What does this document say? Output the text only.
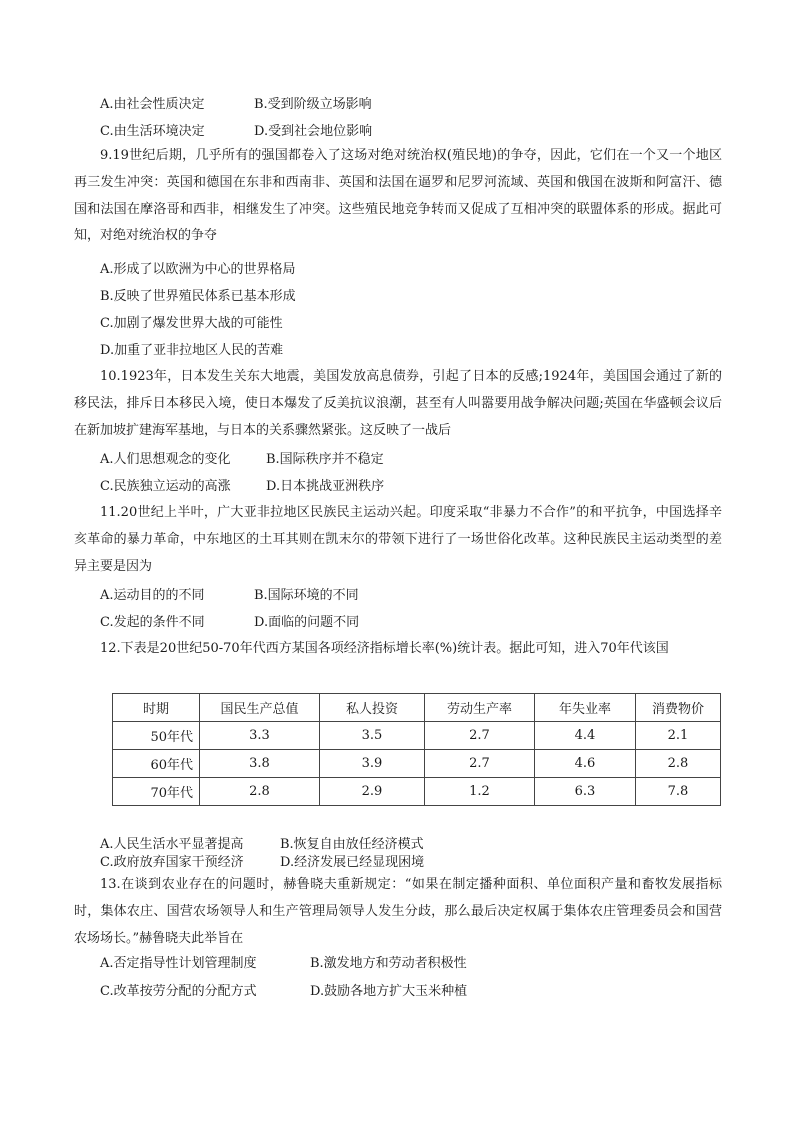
A.由社会性质决定	B.受到阶级立场影响
C.由生活环境决定	D.受到社会地位影响
9.19世纪后期，几乎所有的强国都卷入了这场对绝对统治权(殖民地)的争夺，因此，它们在一个又一个地区再三发生冲突：英国和德国在东非和西南非、英国和法国在逼罗和尼罗河流域、英国和俄国在波斯和阿富汗、德国和法国在摩洛哥和西非，相继发生了冲突。这些殖民地竞争转而又促成了互相冲突的联盟体系的形成。据此可知，对绝对统治权的争夺
A.形成了以欧洲为中心的世界格局
B.反映了世界殖民体系已基本形成
C.加剧了爆发世界大战的可能性
D.加重了亚非拉地区人民的苦难
10.1923年，日本发生关东大地震，美国发放高息债券，引起了日本的反感;1924年，美国国会通过了新的移民法，排斥日本移民入境，使日本爆发了反美抗议浪潮，甚至有人叫嚣要用战争解决问题;英国在华盛顿会议后在新加坡扩建海军基地，与日本的关系骤然紧张。这反映了一战后
A.人们思想观念的变化	B.国际秩序并不稳定
C.民族独立运动的高涨	D.日本挑战亚洲秩序
11.20世纪上半叶，广大亚非拉地区民族民主运动兴起。印度采取“非暴力不合作”的和平抗争，中国选择辛亥革命的暴力革命，中东地区的土耳其则在凯末尔的带领下进行了一场世俗化改革。这种民族民主运动类型的差异主要是因为
A.运动目的的不同	B.国际环境的不同
C.发起的条件不同	D.面临的问题不同
12.下表是20世纪50-70年代西方某国各项经济指标增长率(%)统计表。据此可知，进入70年代该国
时期	国民生产总值	私人投资	劳动生产率	年失业率	消费物价
50年代	3.3	3.5	2.7	4.4	2.1
60年代	3.8	3.9	2.7	4.6	2.8
70年代	2.8	2.9	1.2	6.3	7.8
A.人民生活水平显著提高	B.恢复自由放任经济模式
C.政府放弃国家干预经济	D.经济发展已经显现困境
13.在谈到农业存在的问题时，赫鲁晓夫重新规定：“如果在制定播种面积、单位面积产量和畜牧发展指标时，集体农庄、国营农场领导人和生产管理局领导人发生分歧，那么最后决定权属于集体农庄管理委员会和国营农场场长。”赫鲁晓夫此举旨在
A.否定指导性计划管理制度	B.激发地方和劳动者积极性
C.改革按劳分配的分配方式	D.鼓励各地方扩大玉米种植
